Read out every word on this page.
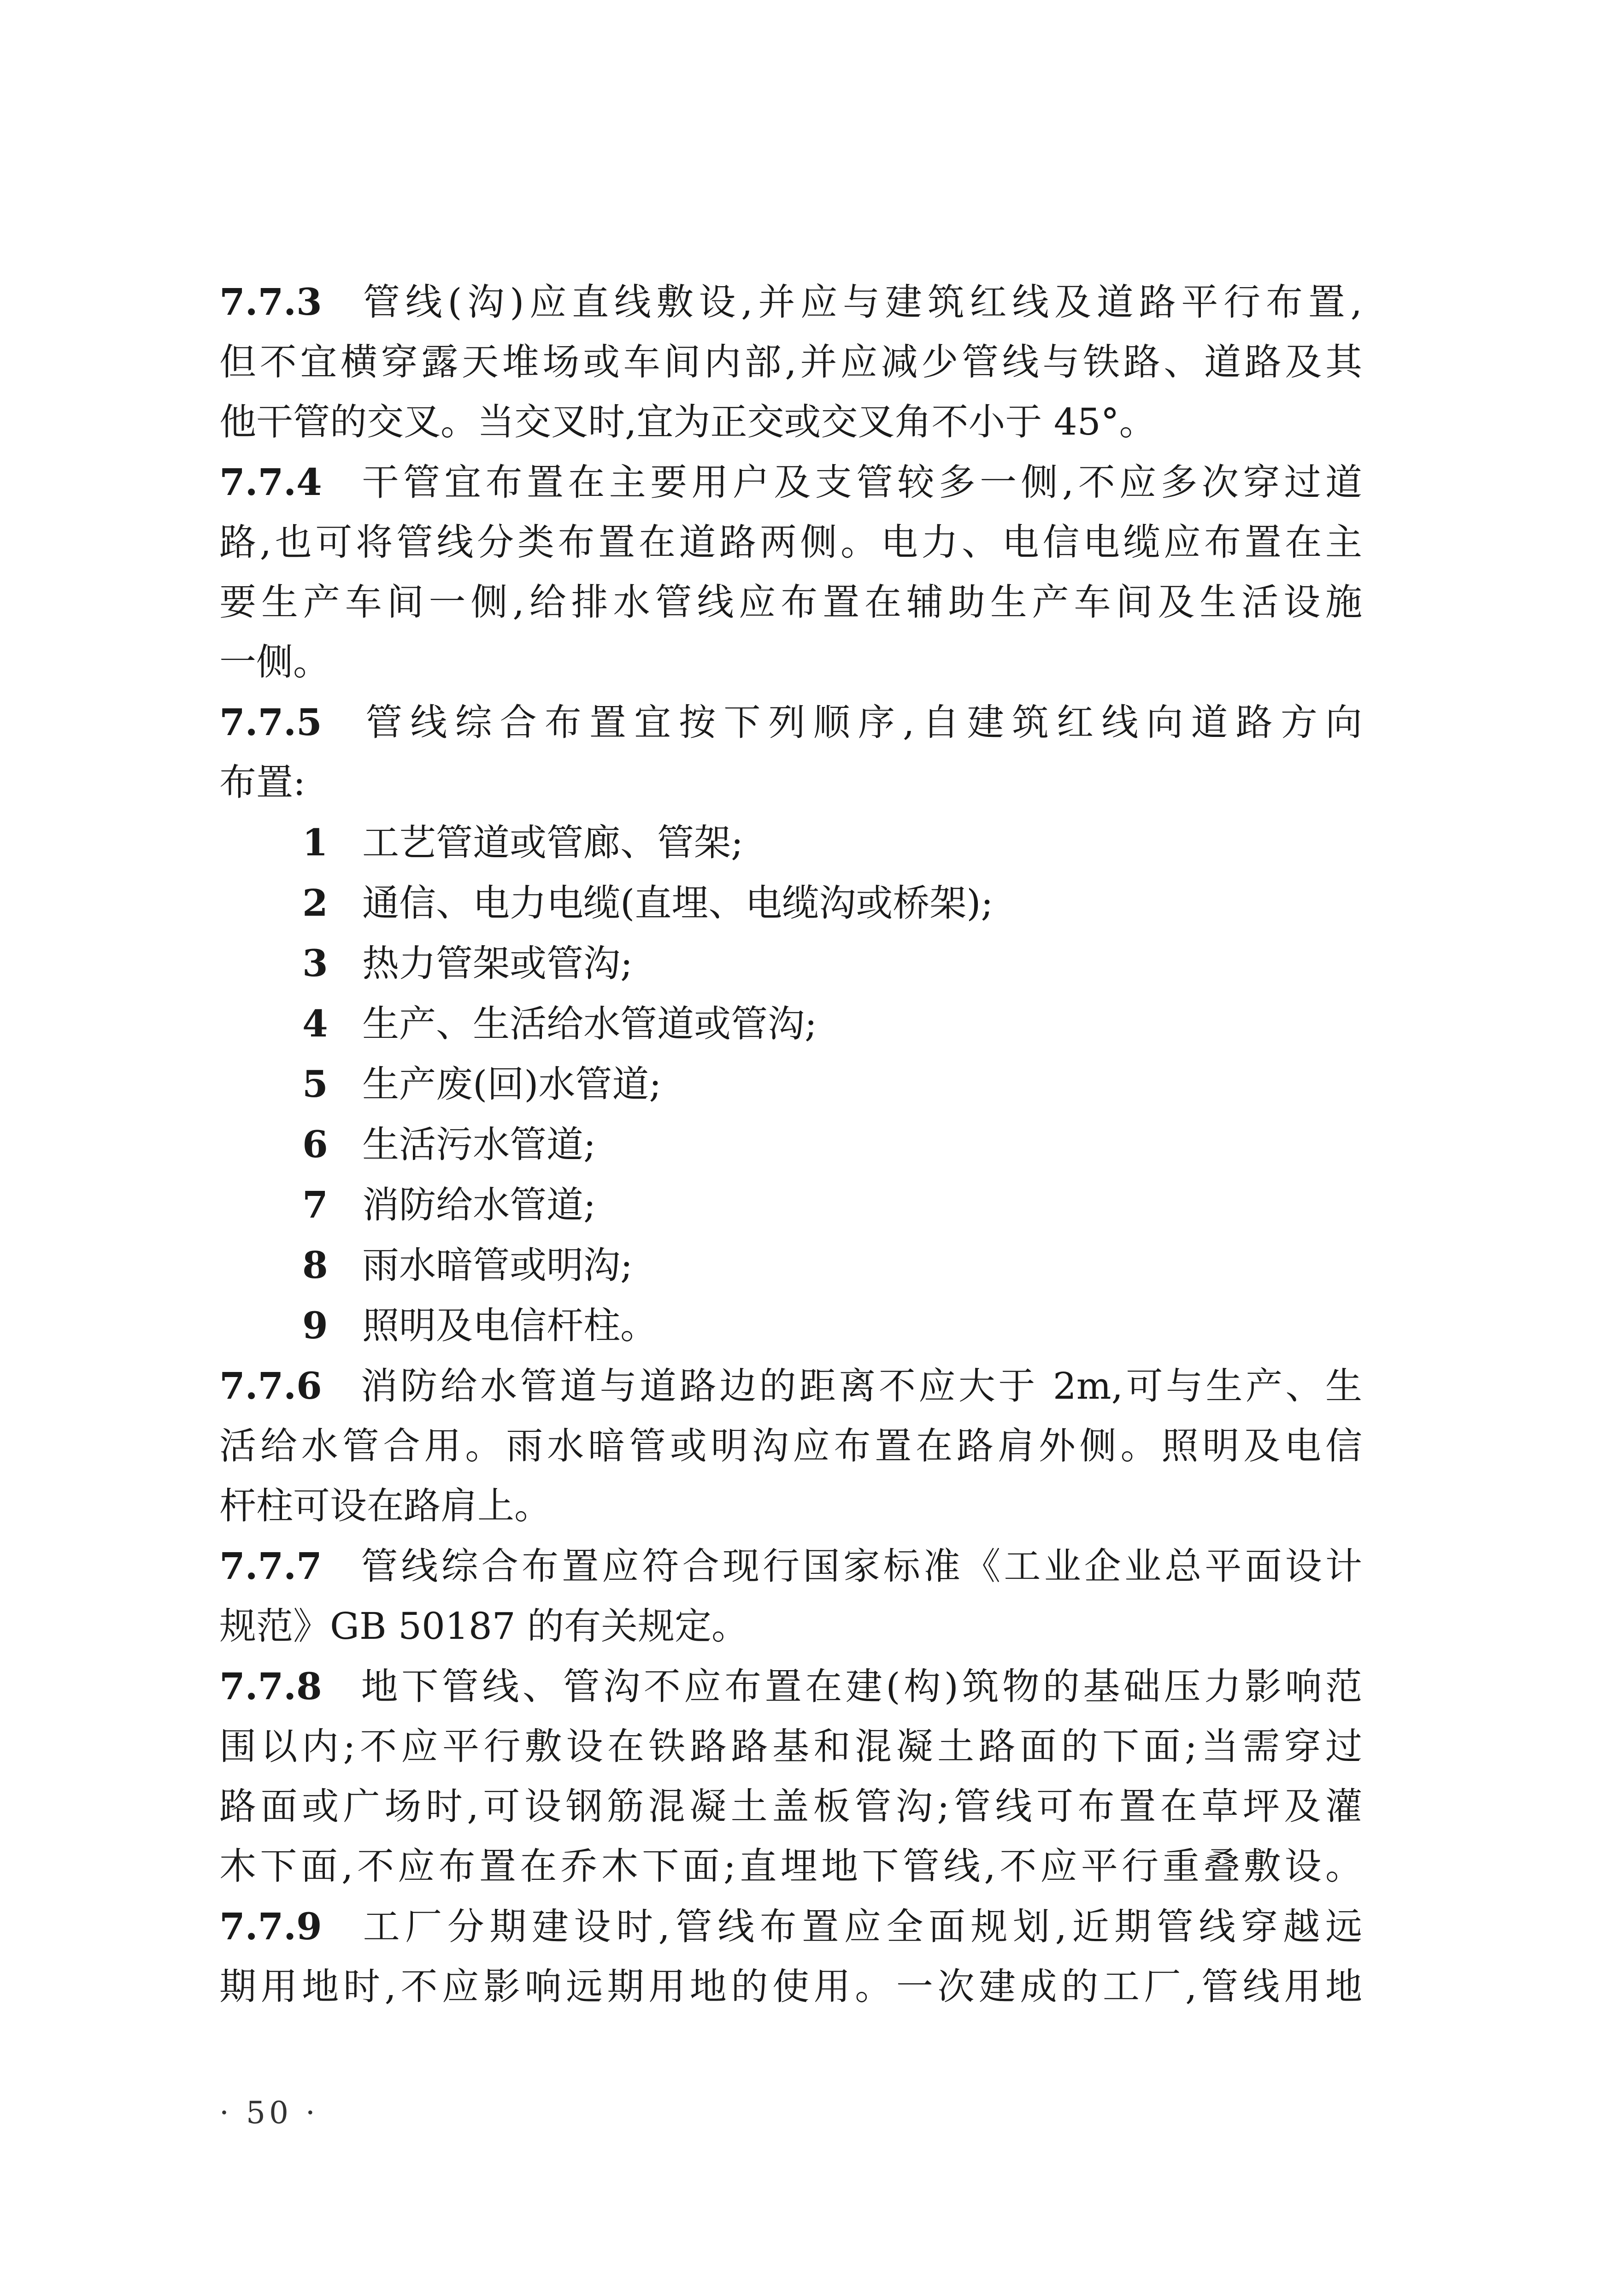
7.7.3 管线(沟)应直线敷设,并应与建筑红线及道路平行布置,

但不宜横穿露天堆场或车间内部,并应减少管线与铁路、道路及其

他干管的交叉。当交叉时,宜为正交或交叉角不小于 45°。

7.7.4 干管宜布置在主要用户及支管较多一侧,不应多次穿过道

路,也可将管线分类布置在道路两侧。电力、电信电缆应布置在主

要生产车间一侧,给排水管线应布置在辅助生产车间及生活设施

一侧。

7.7.5 管线综合布置宜按下列顺序,自建筑红线向道路方向

布置:

1 工艺管道或管廊、管架;

2 通信、电力电缆(直埋、电缆沟或桥架);

3 热力管架或管沟;

4 生产、生活给水管道或管沟;

5 生产废(回)水管道;

6 生活污水管道;

7 消防给水管道;

8 雨水暗管或明沟;

9 照明及电信杆柱。

7.7.6 消防给水管道与道路边的距离不应大于 2m,可与生产、生

活给水管合用。雨水暗管或明沟应布置在路肩外侧。照明及电信

杆柱可设在路肩上。

7.7.7 管线综合布置应符合现行国家标准《工业企业总平面设计

规范》GB 50187 的有关规定。

7.7.8 地下管线、管沟不应布置在建(构)筑物的基础压力影响范

围以内;不应平行敷设在铁路路基和混凝土路面的下面;当需穿过

路面或广场时,可设钢筋混凝土盖板管沟;管线可布置在草坪及灌

木下面,不应布置在乔木下面;直埋地下管线,不应平行重叠敷设。

7.7.9 工厂分期建设时,管线布置应全面规划,近期管线穿越远

期用地时,不应影响远期用地的使用。一次建成的工厂,管线用地

· 50 ·
